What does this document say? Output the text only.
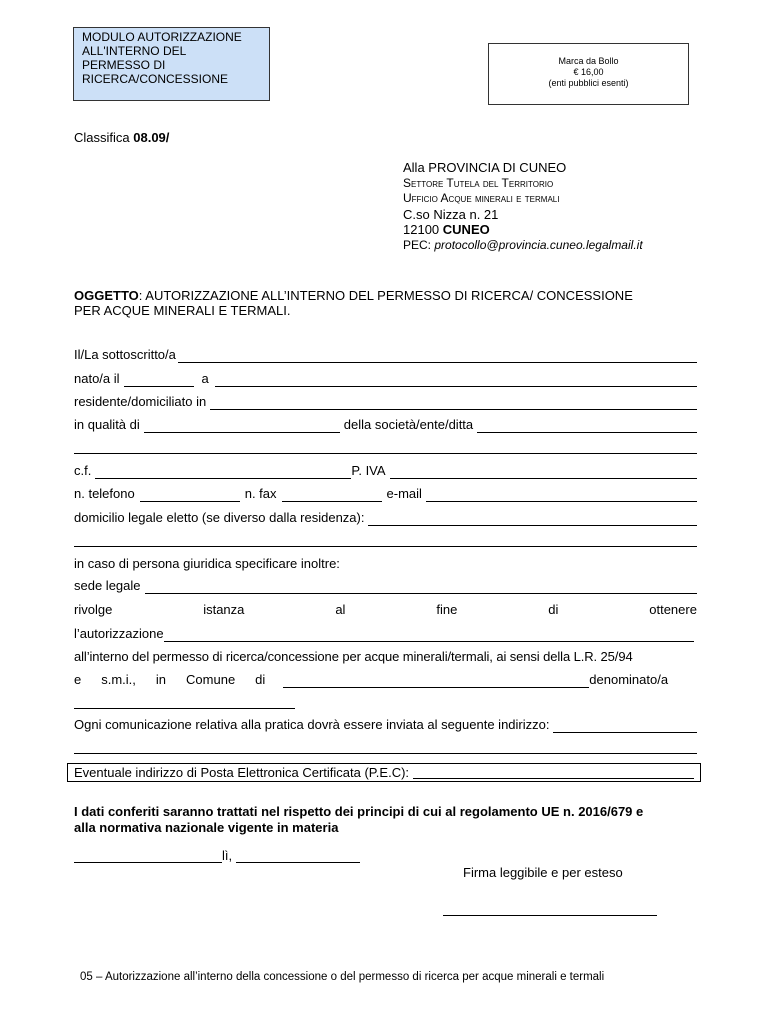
MODULO AUTORIZZAZIONE
ALL'INTERNO DEL
PERMESSO DI
RICERCA/CONCESSIONE
Marca da Bollo
€ 16,00
(enti pubblici esenti)
Classifica 08.09/
Alla PROVINCIA DI CUNEO
Settore Tutela del Territorio
Ufficio Acque minerali e termali
C.so Nizza n. 21
12100 CUNEO
PEC: protocollo@provincia.cuneo.legalmail.it
OGGETTO: AUTORIZZAZIONE ALL’INTERNO DEL PERMESSO DI RICERCA/ CONCESSIONE
PER ACQUE MINERALI E TERMALI.
Il/La sottoscritto/a
nato/a il	a
residente/domiciliato in
in qualità di	della società/ente/ditta
c.f.	P. IVA
n. telefono	n. fax	e-mail
domicilio legale eletto (se diverso dalla residenza):
in caso di persona giuridica specificare inoltre:
sede legale
rivolge	istanza	al	fine	di	ottenere
l’autorizzazione
all’interno del permesso di ricerca/concessione per acque minerali/termali, ai sensi della L.R. 25/94
e s.m.i., in Comune di	denominato/a
Ogni comunicazione relativa alla pratica dovrà essere inviata al seguente indirizzo:
Eventuale indirizzo di Posta Elettronica Certificata (P.E.C):
I dati conferiti saranno trattati nel rispetto dei principi di cui al regolamento UE n. 2016/679 e
alla normativa nazionale vigente in materia
lì,
Firma leggibile e per esteso
05 – Autorizzazione all’interno della concessione o del permesso di ricerca per acque minerali e termali
